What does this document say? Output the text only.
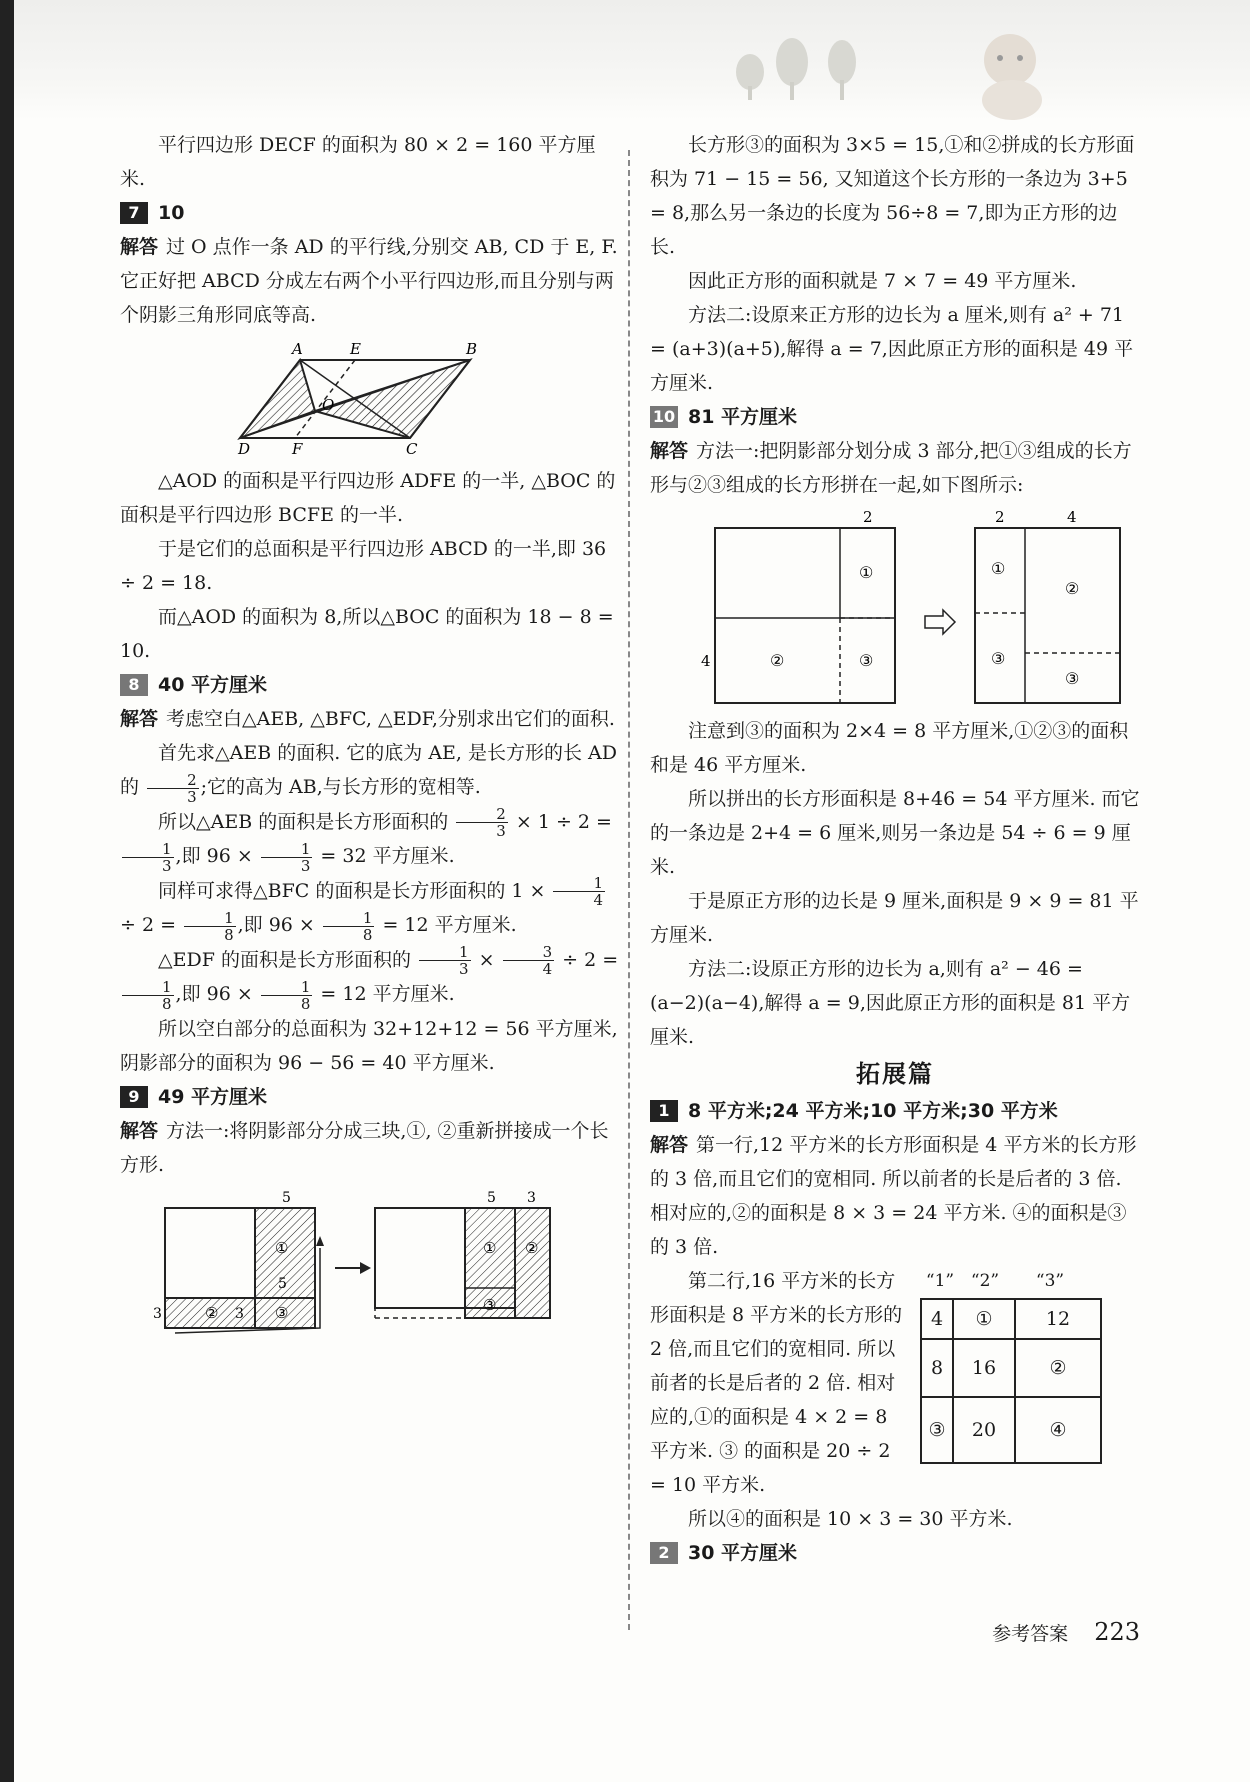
平行四边形 DECF 的面积为 80 × 2 = 160 平方厘米.

7 10

解答 过 O 点作一条 AD 的平行线,分别交 AB, CD 于 E, F. 它正好把 ABCD 分成左右两个小平行四边形,而且分别与两个阴影三角形同底等高.

A	E	B
O
D	F	C

△AOD 的面积是平行四边形 ADFE 的一半, △BOC 的面积是平行四边形 BCFE 的一半.

于是它们的总面积是平行四边形 ABCD 的一半,即 36 ÷ 2 = 18.

而△AOD 的面积为 8,所以△BOC 的面积为 18 − 8 = 10.

8 40 平方厘米

解答 考虑空白△AEB, △BFC, △EDF,分别求出它们的面积.

首先求△AEB 的面积. 它的底为 AE, 是长方形的长 AD 的 $\frac{2}{3}$ ;它的高为 AB,与长方形的宽相等.

所以△AEB 的面积是长方形面积的 $\frac{2}{3} \times 1 \div 2$ =
$\frac{1}{3}$ ,即 $96 \times \frac{1}{3} = 32$ 平方厘米.

同样可求得△BFC 的面积是长方形面积的 $1 \times \frac{1}{4}$
÷ $2 = \frac{1}{8}$ ,即 $96 \times \frac{1}{8} = 12$ 平方厘米.

△EDF 的面积是长方形面积的 $\frac{1}{3} \times \frac{3}{4} \div 2$ =
$\frac{1}{8}$ ,即 $96 \times \frac{1}{8} = 12$ 平方厘米.

所以空白部分的总面积为 32+12+12 = 56 平方厘米,阴影部分的面积为 96 − 56 = 40 平方厘米.

9 49 平方厘米

解答 方法一:将阴影部分分成三块,①, ②重新拼接成一个长方形.

5
①
5
3	② 3 ③
5 3
① ②
③

长方形③的面积为 3×5 = 15,①和②拼成的长方形面积为 71 − 15 = 56, 又知道这个长方形的一条边为 3+5 = 8,那么另一条边的长度为 56÷8 = 7,即为正方形的边长.

因此正方形的面积就是 7 × 7 = 49 平方厘米.

方法二:设原来正方形的边长为 a 厘米,则有 a² + 71 = (a+3)(a+5),解得 a = 7,因此原正方形的面积是 49 平方厘米.

10 81 平方厘米

解答 方法一:把阴影部分划分成 3 部分,把①③组成的长方形与②③组成的长方形拼在一起,如下图所示:

2
①
4	②	③
2	4
①
②
③
③

注意到③的面积为 2×4 = 8 平方厘米,①②③的面积和是 46 平方厘米.

所以拼出的长方形面积是 8+46 = 54 平方厘米. 而它的一条边是 2+4 = 6 厘米,则另一条边是 54 ÷ 6 = 9 厘米.

于是原正方形的边长是 9 厘米,面积是 9 × 9 = 81 平方厘米.

方法二:设原正方形的边长为 a,则有 a² − 46 = (a−2)(a−4),解得 a = 9,因此原正方形的面积是 81 平方厘米.

拓展篇
1 8 平方米;24 平方米;10 平方米;30 平方米

解答 第一行,12 平方米的长方形面积是 4 平方米的长方形的 3 倍,而且它们的宽相同. 所以前者的长是后者的 3 倍. 相对应的,②的面积是 8 × 3 = 24 平方米. ④的面积是③的 3 倍.

第二行,16 平方米的长方形面积是 8 平方米的长方形的 2 倍,而且它们的宽相同. 所以前者的长是后者的 2 倍. 相对应的,①的面积是 4 × 2 = 8 平方米. ③ 的面积是 20 ÷ 2 = 10 平方米.

“1” “2”	“3”
4	①	12
8	16	②
③	20	④

所以④的面积是 10 × 3 = 30 平方米.

2 30 平方厘米
参考答案 223
